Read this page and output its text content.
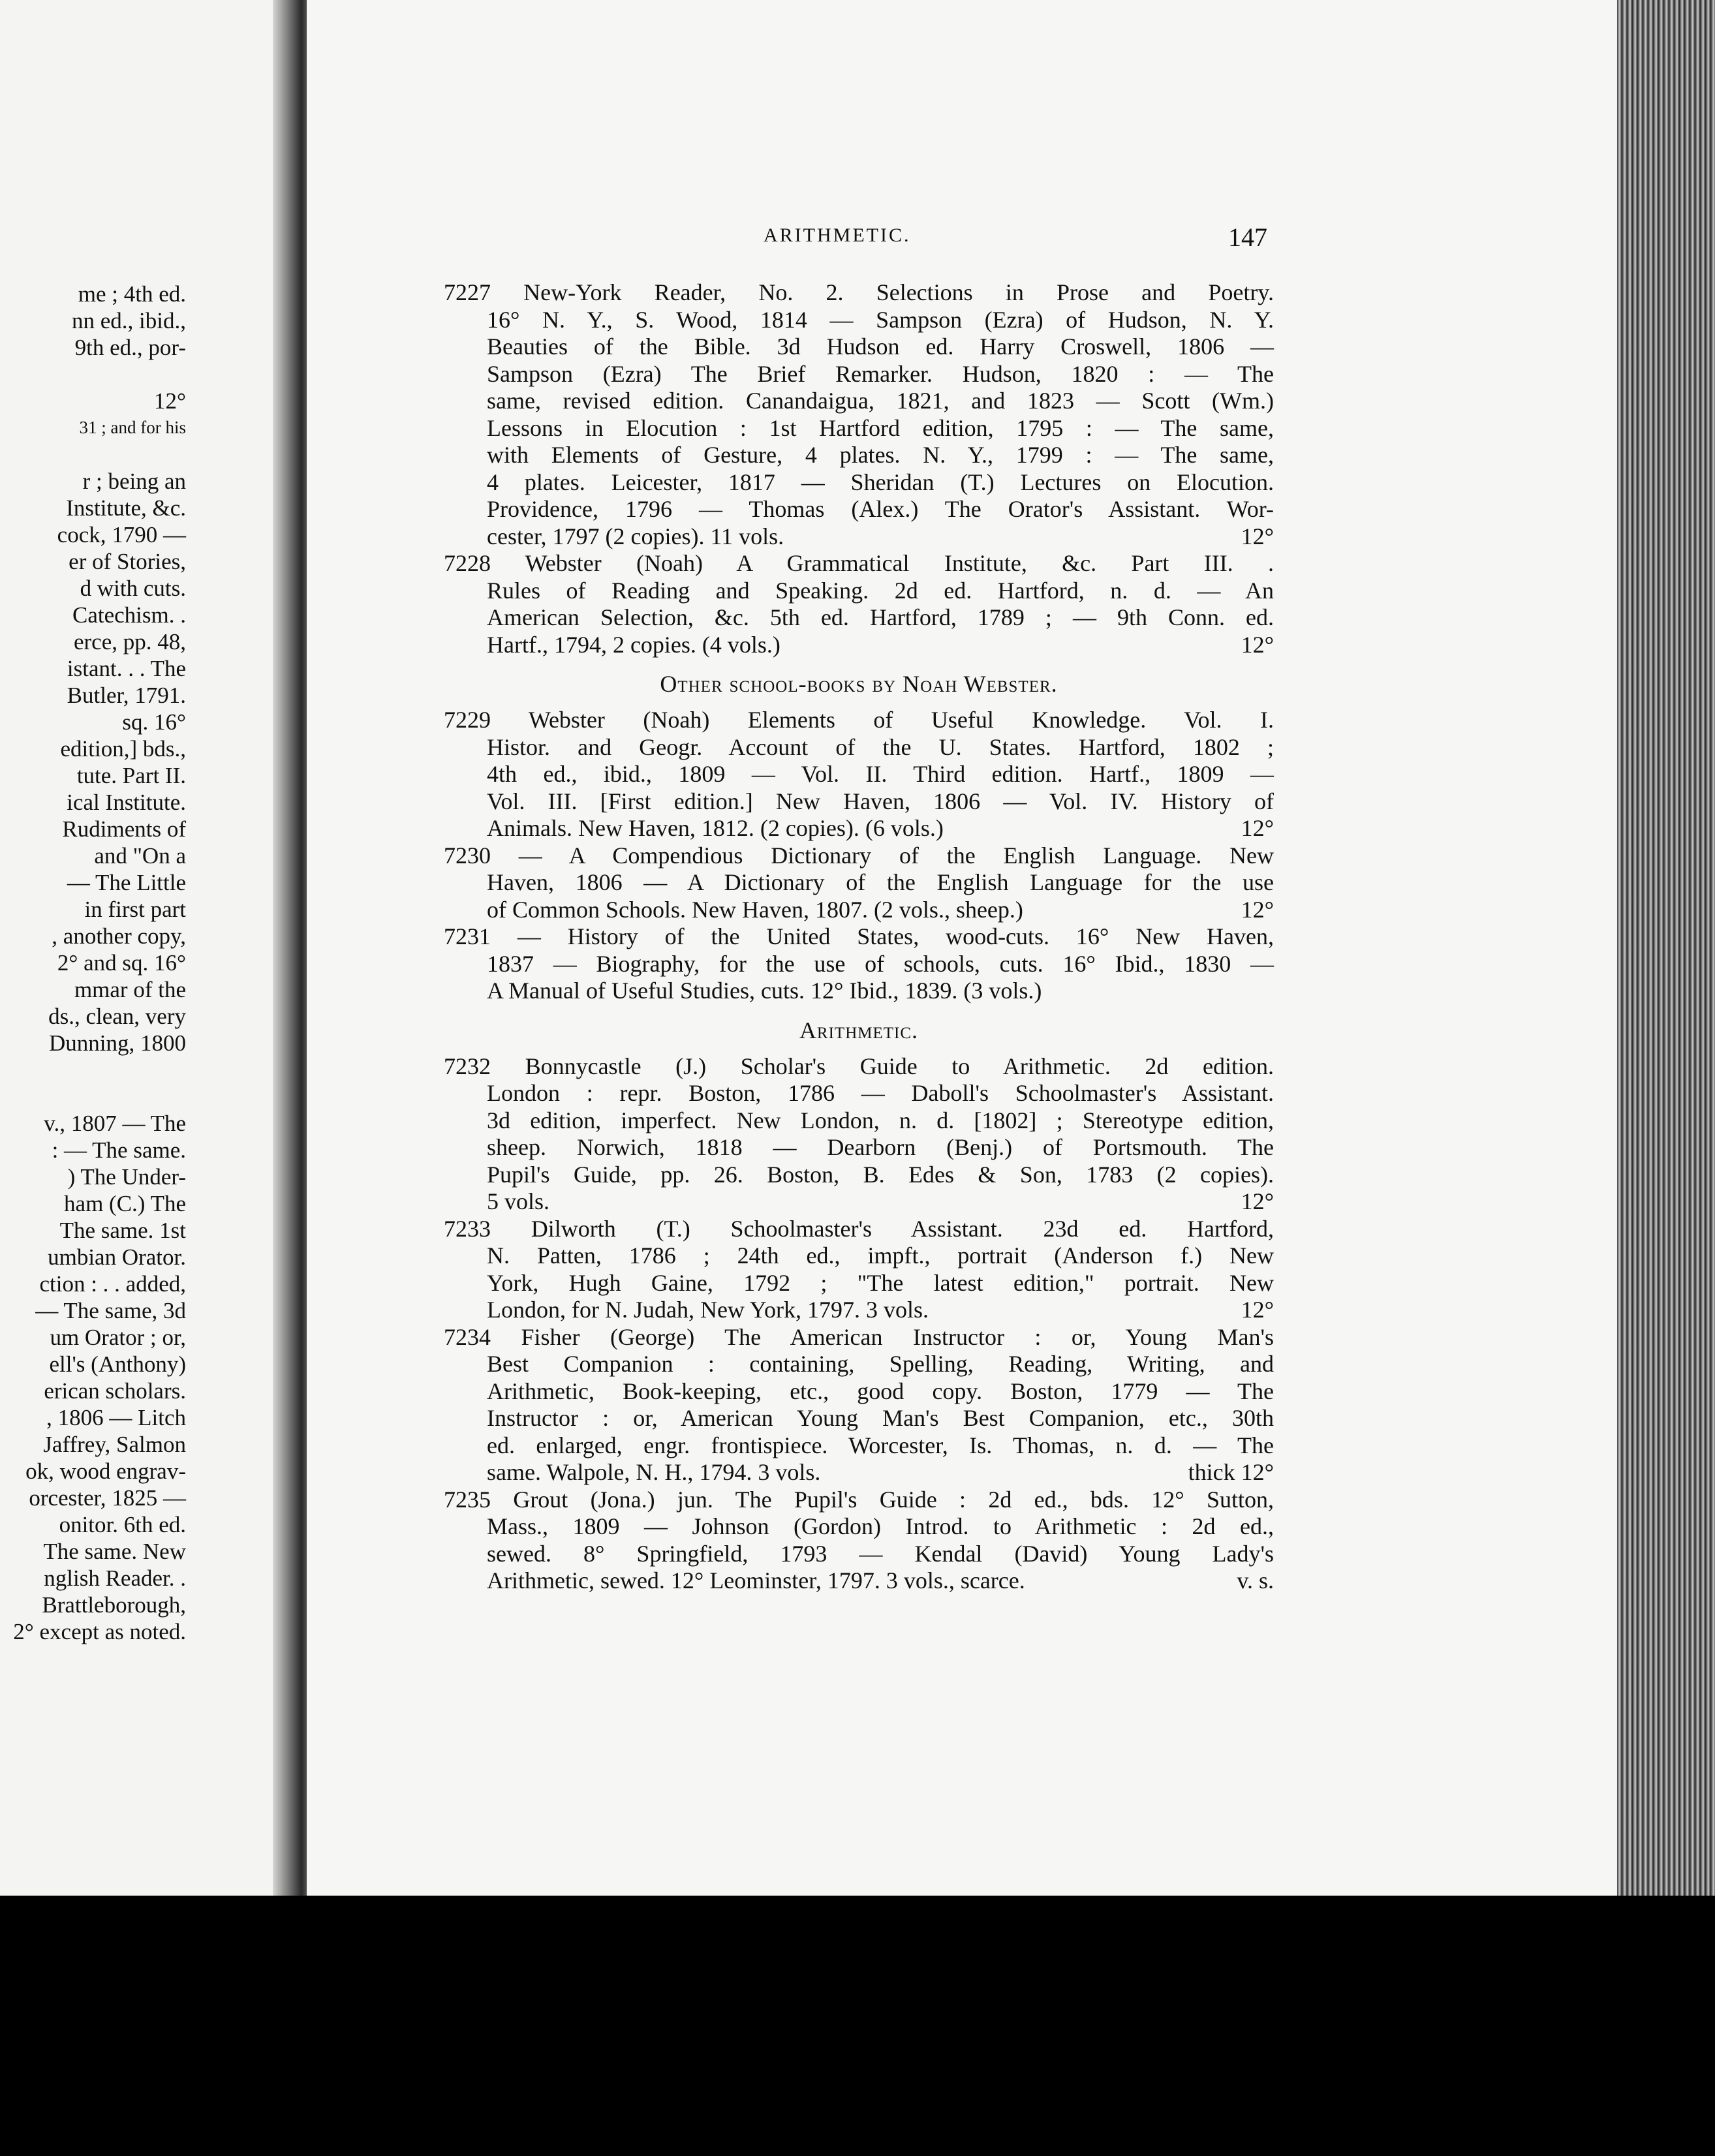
me ; 4th ed.
nn ed., ibid.,
9th ed., por-
12°
31 ; and for his
r ; being an
Institute, &c.
cock, 1790 —
er of Stories,
d with cuts.
Catechism. .
erce, pp. 48,
istant. . . The
Butler, 1791.
sq. 16°
edition,] bds.,
tute. Part II.
ical Institute.
Rudiments of
and "On a
— The Little
in first part
, another copy,
2° and sq. 16°
mmar of the
ds., clean, very
Dunning, 1800
v., 1807 — The
: — The same.
) The Under-
ham (C.) The
The same. 1st
umbian Orator.
ction : . . added,
— The same, 3d
um Orator ; or,
ell's (Anthony)
erican scholars.
, 1806 — Litch
Jaffrey, Salmon
ok, wood engrav-
orcester, 1825 —
onitor. 6th ed.
The same. New
nglish Reader. .
Brattleborough,
2° except as noted.
ARITHMETIC.	147
7227 New-York Reader, No. 2. Selections in Prose and Poetry.
16° N. Y., S. Wood, 1814 — Sampson (Ezra) of Hudson, N. Y.
Beauties of the Bible. 3d Hudson ed. Harry Croswell, 1806 —
Sampson (Ezra) The Brief Remarker. Hudson, 1820 : — The
same, revised edition. Canandaigua, 1821, and 1823 — Scott (Wm.)
Lessons in Elocution : 1st Hartford edition, 1795 : — The same,
with Elements of Gesture, 4 plates. N. Y., 1799 : — The same,
4 plates. Leicester, 1817 — Sheridan (T.) Lectures on Elocution.
Providence, 1796 — Thomas (Alex.) The Orator's Assistant. Wor-
cester, 1797 (2 copies). 11 vols.	12°
7228 Webster (Noah) A Grammatical Institute, &c. Part III. .
Rules of Reading and Speaking. 2d ed. Hartford, n. d. — An
American Selection, &c. 5th ed. Hartford, 1789 ; — 9th Conn. ed.
Hartf., 1794, 2 copies. (4 vols.)	12°
Other school-books by Noah Webster.
7229 Webster (Noah) Elements of Useful Knowledge. Vol. I.
Histor. and Geogr. Account of the U. States. Hartford, 1802 ;
4th ed., ibid., 1809 — Vol. II. Third edition. Hartf., 1809 —
Vol. III. [First edition.] New Haven, 1806 — Vol. IV. History of
Animals. New Haven, 1812. (2 copies). (6 vols.)	12°
7230 — A Compendious Dictionary of the English Language. New
Haven, 1806 — A Dictionary of the English Language for the use
of Common Schools. New Haven, 1807. (2 vols., sheep.)	12°
7231 — History of the United States, wood-cuts. 16° New Haven,
1837 — Biography, for the use of schools, cuts. 16° Ibid., 1830 —
A Manual of Useful Studies, cuts. 12° Ibid., 1839. (3 vols.)
Arithmetic.
7232 Bonnycastle (J.) Scholar's Guide to Arithmetic. 2d edition.
London : repr. Boston, 1786 — Daboll's Schoolmaster's Assistant.
3d edition, imperfect. New London, n. d. [1802] ; Stereotype edition,
sheep. Norwich, 1818 — Dearborn (Benj.) of Portsmouth. The
Pupil's Guide, pp. 26. Boston, B. Edes & Son, 1783 (2 copies).
5 vols.	12°
7233 Dilworth (T.) Schoolmaster's Assistant. 23d ed. Hartford,
N. Patten, 1786 ; 24th ed., impft., portrait (Anderson f.) New
York, Hugh Gaine, 1792 ; "The latest edition," portrait. New
London, for N. Judah, New York, 1797. 3 vols.	12°
7234 Fisher (George) The American Instructor : or, Young Man's
Best Companion : containing, Spelling, Reading, Writing, and
Arithmetic, Book-keeping, etc., good copy. Boston, 1779 — The
Instructor : or, American Young Man's Best Companion, etc., 30th
ed. enlarged, engr. frontispiece. Worcester, Is. Thomas, n. d. — The
same. Walpole, N. H., 1794. 3 vols.	thick 12°
7235 Grout (Jona.) jun. The Pupil's Guide : 2d ed., bds. 12° Sutton,
Mass., 1809 — Johnson (Gordon) Introd. to Arithmetic : 2d ed.,
sewed. 8° Springfield, 1793 — Kendal (David) Young Lady's
Arithmetic, sewed. 12° Leominster, 1797. 3 vols., scarce.	v. s.
